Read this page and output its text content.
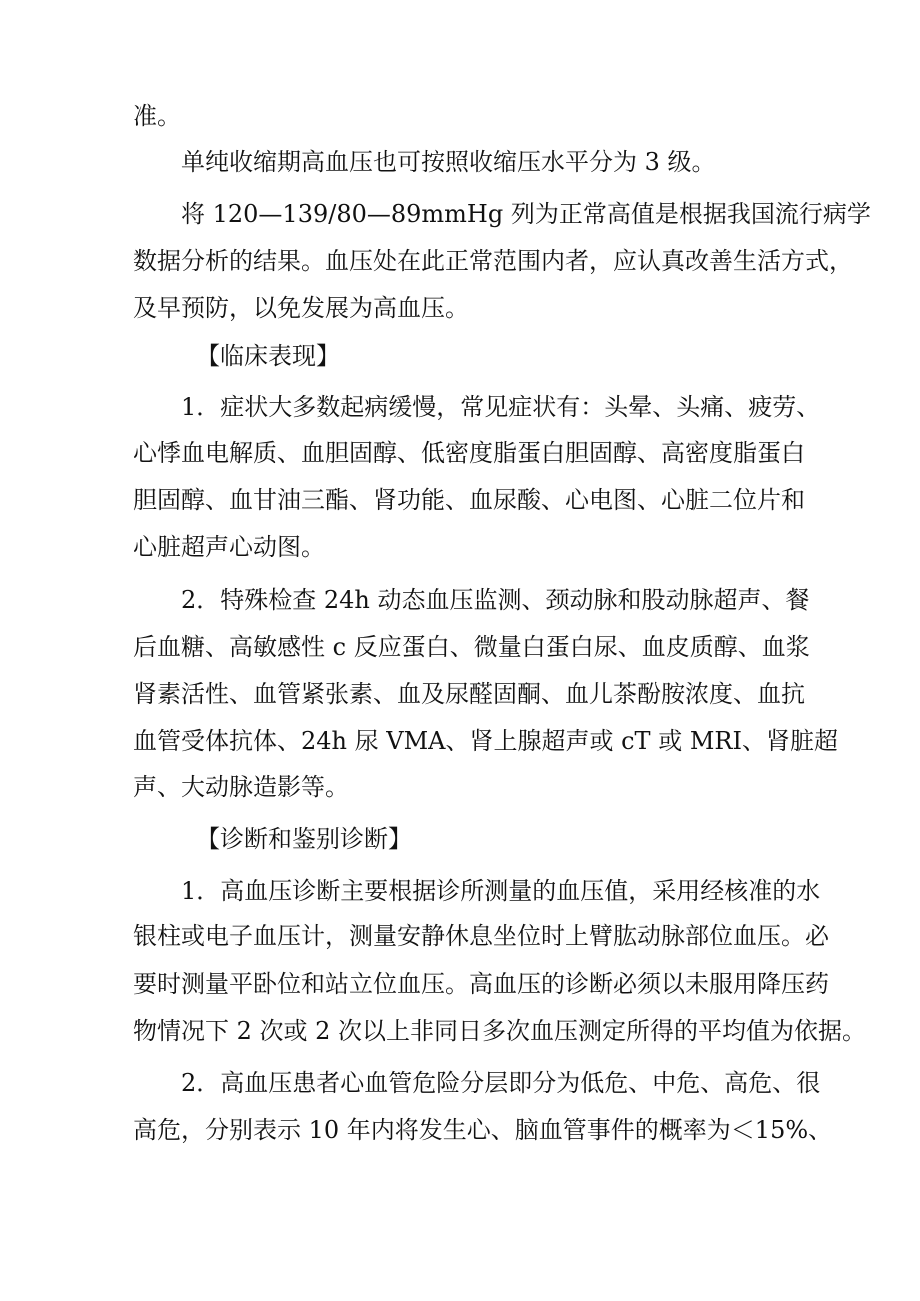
准。
单纯收缩期高血压也可按照收缩压水平分为 3 级。
将 120—139/80—89mmHg 列为正常高值是根据我国流行病学
数据分析的结果。血压处在此正常范围内者，应认真改善生活方式，
及早预防，以免发展为高血压。
【临床表现】
1．症状大多数起病缓慢，常见症状有：头晕、头痛、疲劳、
心悸血电解质、血胆固醇、低密度脂蛋白胆固醇、高密度脂蛋白
胆固醇、血甘油三酯、肾功能、血尿酸、心电图、心脏二位片和
心脏超声心动图。
2．特殊检查 24h 动态血压监测、颈动脉和股动脉超声、餐
后血糖、高敏感性 c 反应蛋白、微量白蛋白尿、血皮质醇、血浆
肾素活性、血管紧张素、血及尿醛固酮、血儿茶酚胺浓度、血抗
血管受体抗体、24h 尿 VMA、肾上腺超声或 cT 或 MRI、肾脏超
声、大动脉造影等。
【诊断和鉴别诊断】
1．高血压诊断主要根据诊所测量的血压值，采用经核准的水
银柱或电子血压计，测量安静休息坐位时上臂肱动脉部位血压。必
要时测量平卧位和站立位血压。高血压的诊断必须以未服用降压药
物情况下 2 次或 2 次以上非同日多次血压测定所得的平均值为依据。
2．高血压患者心血管危险分层即分为低危、中危、高危、很
高危，分别表示 10 年内将发生心、脑血管事件的概率为＜15%、
